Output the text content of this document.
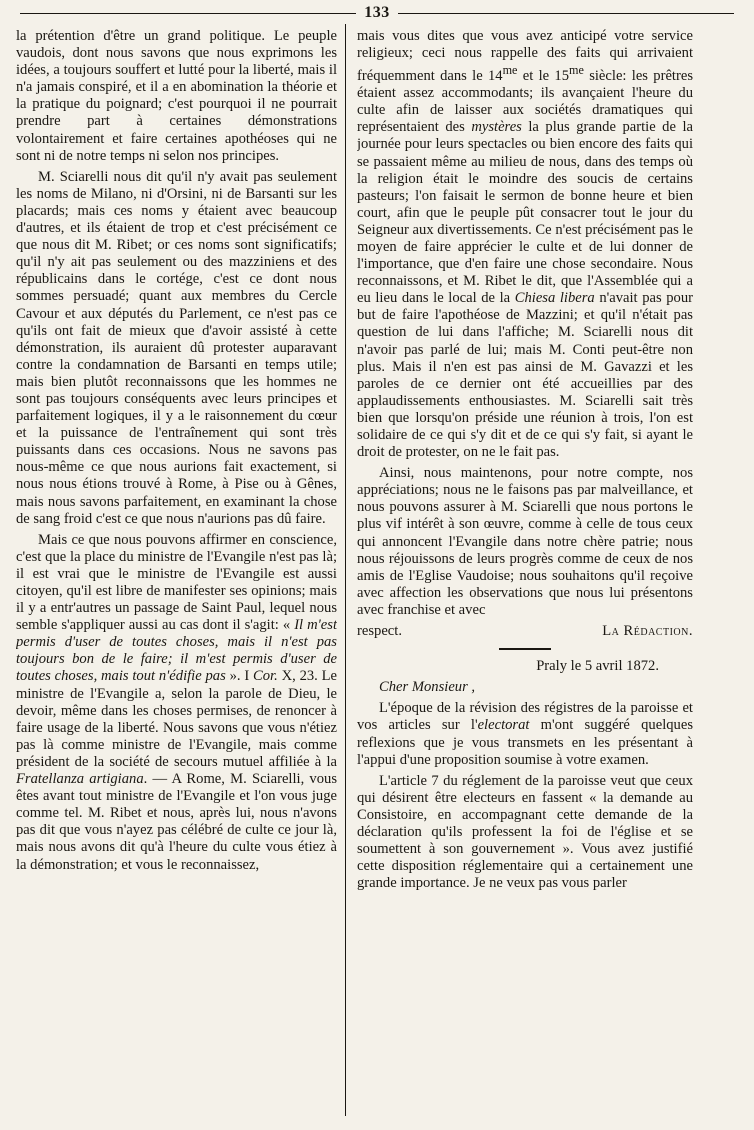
133

la prétention d'être un grand politique. Le peuple vaudois, dont nous savons que nous exprimons les idées, a toujours souffert et lutté pour la liberté, mais il n'a jamais conspiré, et il a en abomination la théorie et la pratique du poignard; c'est pourquoi il ne pourrait prendre part à certaines démonstrations volontairement et faire certaines apothéoses qui ne sont ni de notre temps ni selon nos principes.

M. Sciarelli nous dit qu'il n'y avait pas seulement les noms de Milano, ni d'Orsini, ni de Barsanti sur les placards; mais ces noms y étaient avec beaucoup d'autres, et ils étaient de trop et c'est précisément ce que nous dit M. Ribet; or ces noms sont significatifs; qu'il n'y ait pas seulement ou des mazziniens et des républicains dans le cortége, c'est ce dont nous sommes persuadé; quant aux membres du Cercle Cavour et aux députés du Parlement, ce n'est pas ce qu'ils ont fait de mieux que d'avoir assisté à cette démonstration, ils auraient dû protester auparavant contre la condamnation de Barsanti en temps utile; mais bien plutôt reconnaissons que les hommes ne sont pas toujours conséquents avec leurs principes et parfaitement logiques, il y a le raisonnement du cœur et la puissance de l'entraînement qui sont très puissants dans ces occasions. Nous ne savons pas nous-même ce que nous aurions fait exactement, si nous nous étions trouvé à Rome, à Pise ou à Gênes, mais nous savons parfaitement, en examinant la chose de sang froid c'est ce que nous n'aurions pas dû faire.

Mais ce que nous pouvons affirmer en conscience, c'est que la place du ministre de l'Evangile n'est pas là; il est vrai que le ministre de l'Evangile est aussi citoyen, qu'il est libre de manifester ses opinions; mais il y a entr'autres un passage de Saint Paul, lequel nous semble s'appliquer aussi au cas dont il s'agit: « Il m'est permis d'user de toutes choses, mais il n'est pas toujours bon de le faire; il m'est permis d'user de toutes choses, mais tout n'édifie pas ». I Cor. X, 23. Le ministre de l'Evangile a, selon la parole de Dieu, le devoir, même dans les choses permises, de renoncer à faire usage de la liberté. Nous savons que vous n'étiez pas là comme ministre de l'Evangile, mais comme président de la société de secours mutuel affiliée à la Fratellanza artigiana. — A Rome, M. Sciarelli, vous êtes avant tout ministre de l'Evangile et l'on vous juge comme tel. M. Ribet et nous, après lui, nous n'avons pas dit que vous n'ayez pas célébré de culte ce jour là, mais nous avons dit qu'à l'heure du culte vous étiez à la démonstration; et vous le reconnaissez,

mais vous dites que vous avez anticipé votre service religieux; ceci nous rappelle des faits qui arrivaient fréquemment dans le $14^{me}$ et le $15^{me}$ siècle: les prêtres étaient assez accommodants; ils avançaient l'heure du culte afin de laisser aux sociétés dramatiques qui représentaient des mystères la plus grande partie de la journée pour leurs spectacles ou bien encore des faits qui se passaient même au milieu de nous, dans des temps où la religion était le moindre des soucis de certains pasteurs; l'on faisait le sermon de bonne heure et bien court, afin que le peuple pût consacrer tout le jour du Seigneur aux divertissements. Ce n'est précisément pas le moyen de faire apprécier le culte et de lui donner de l'importance, que d'en faire une chose secondaire. Nous reconnaissons, et M. Ribet le dit, que l'Assemblée qui a eu lieu dans le local de la Chiesa libera n'avait pas pour but de faire l'apothéose de Mazzini; et qu'il n'était pas question de lui dans l'affiche; M. Sciarelli nous dit n'avoir pas parlé de lui; mais M. Conti peut-être non plus. Mais il n'en est pas ainsi de M. Gavazzi et les paroles de ce dernier ont été accueillies par des applaudissements enthousiastes. M. Sciarelli sait très bien que lorsqu'on préside une réunion à trois, l'on est solidaire de ce qui s'y dit et de ce qui s'y fait, si ayant le droit de protester, on ne le fait pas.

Ainsi, nous maintenons, pour notre compte, nos appréciations; nous ne le faisons pas par malveillance, et nous pouvons assurer à M. Sciarelli que nous portons le plus vif intérêt à son œuvre, comme à celle de tous ceux qui annoncent l'Evangile dans notre chère patrie; nous nous réjouissons de leurs progrès comme de ceux de nos amis de l'Eglise Vaudoise; nous souhaitons qu'il reçoive avec affection les observations que nous lui présentons avec franchise et avec

respect.	La Rédaction.
Praly le 5 avril 1872.

Cher Monsieur ,

L'époque de la révision des régistres de la paroisse et vos articles sur l'electorat m'ont suggéré quelques reflexions que je vous transmets en les présentant à l'appui d'une proposition soumise à votre examen.

L'article 7 du réglement de la paroisse veut que ceux qui désirent être electeurs en fassent « la demande au Consistoire, en accompagnant cette demande de la déclaration qu'ils professent la foi de l'église et se soumettent à son gouvernement ». Vous avez justifié cette disposition réglementaire qui a certainement une grande importance. Je ne veux pas vous parler
